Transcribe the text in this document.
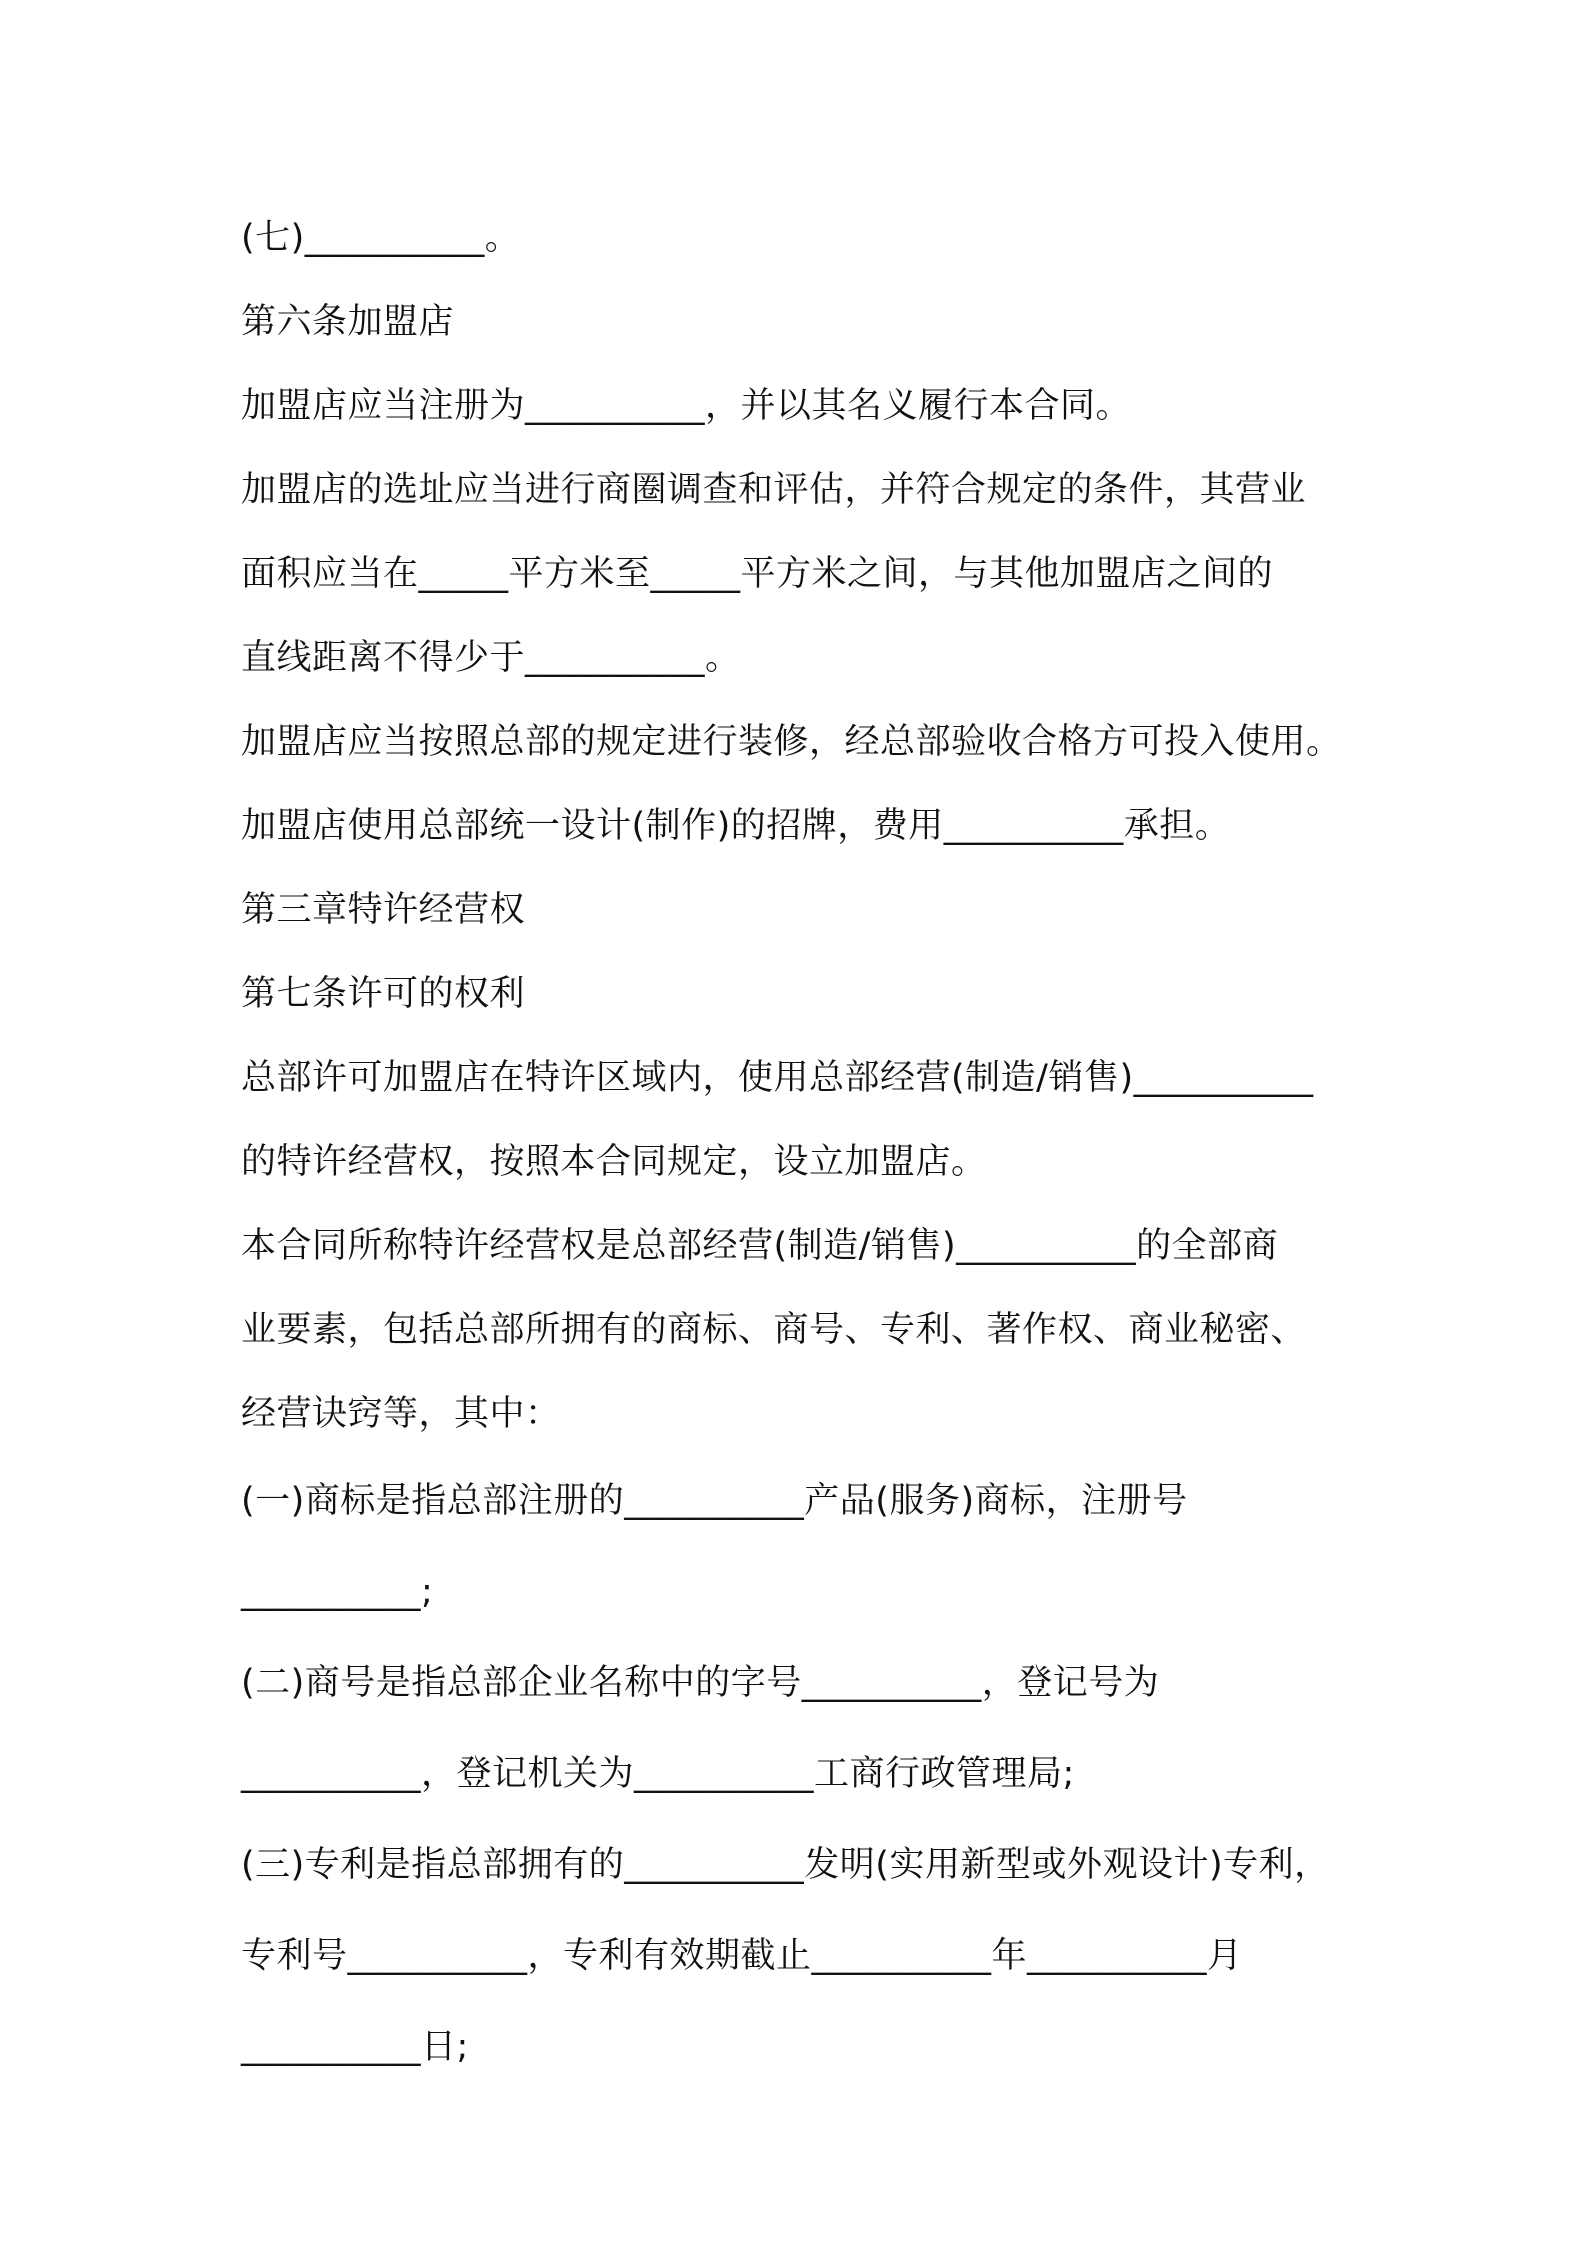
(七)__________。
第六条加盟店
加盟店应当注册为__________，并以其名义履行本合同。
加盟店的选址应当进行商圈调查和评估，并符合规定的条件，其营业
面积应当在_____平方米至_____平方米之间，与其他加盟店之间的
直线距离不得少于__________。
加盟店应当按照总部的规定进行装修，经总部验收合格方可投入使用。
加盟店使用总部统一设计(制作)的招牌，费用__________承担。
第三章特许经营权
第七条许可的权利
总部许可加盟店在特许区域内，使用总部经营(制造/销售)__________
的特许经营权，按照本合同规定，设立加盟店。
本合同所称特许经营权是总部经营(制造/销售)__________的全部商
业要素，包括总部所拥有的商标、商号、专利、著作权、商业秘密、
经营诀窍等，其中：
(一)商标是指总部注册的__________产品(服务)商标，注册号
__________;
(二)商号是指总部企业名称中的字号__________，登记号为
__________，登记机关为__________工商行政管理局;
(三)专利是指总部拥有的__________发明(实用新型或外观设计)专利，
专利号__________，专利有效期截止__________年__________月
__________日;
